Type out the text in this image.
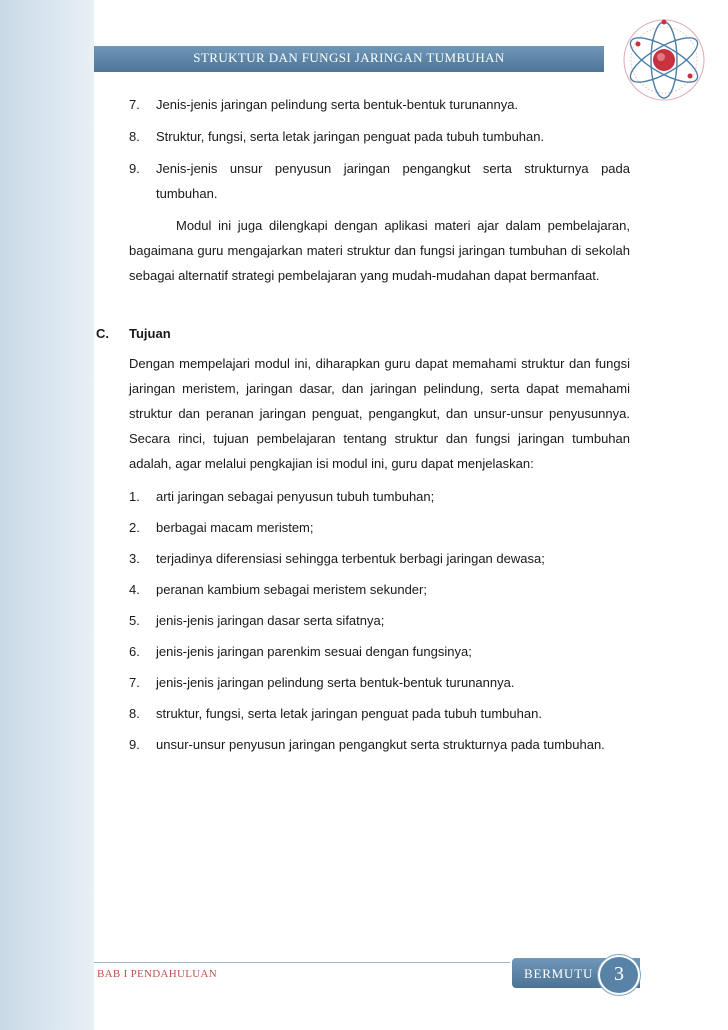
STRUKTUR DAN FUNGSI JARINGAN TUMBUHAN
7.	Jenis-jenis jaringan pelindung serta bentuk-bentuk turunannya.
8.	Struktur, fungsi, serta letak jaringan penguat pada tubuh tumbuhan.
9.	Jenis-jenis unsur penyusun jaringan pengangkut serta strukturnya pada tumbuhan.

Modul ini juga dilengkapi dengan aplikasi materi ajar dalam pembelajaran, bagaimana guru mengajarkan materi struktur dan fungsi jaringan tumbuhan di sekolah sebagai alternatif strategi pembelajaran yang mudah-mudahan dapat bermanfaat.

C.	Tujuan

Dengan mempelajari modul ini, diharapkan guru dapat memahami struktur dan fungsi jaringan meristem, jaringan dasar, dan jaringan pelindung, serta dapat memahami struktur dan peranan jaringan penguat, pengangkut, dan unsur-unsur penyusunnya. Secara rinci, tujuan pembelajaran tentang struktur dan fungsi jaringan tumbuhan adalah, agar melalui pengkajian isi modul ini, guru dapat menjelaskan:

1.	arti jaringan sebagai penyusun tubuh tumbuhan;
2.	berbagai macam meristem;
3.	terjadinya diferensiasi sehingga terbentuk berbagi jaringan dewasa;
4.	peranan kambium sebagai meristem sekunder;
5.	jenis-jenis jaringan dasar serta sifatnya;
6.	jenis-jenis jaringan parenkim sesuai dengan fungsinya;
7.	jenis-jenis jaringan pelindung serta bentuk-bentuk turunannya.
8.	struktur, fungsi, serta letak jaringan penguat pada tubuh tumbuhan.
9.	unsur-unsur penyusun jaringan pengangkut serta strukturnya pada tumbuhan.
BAB I PENDAHULUAN	BERMUTU	3
